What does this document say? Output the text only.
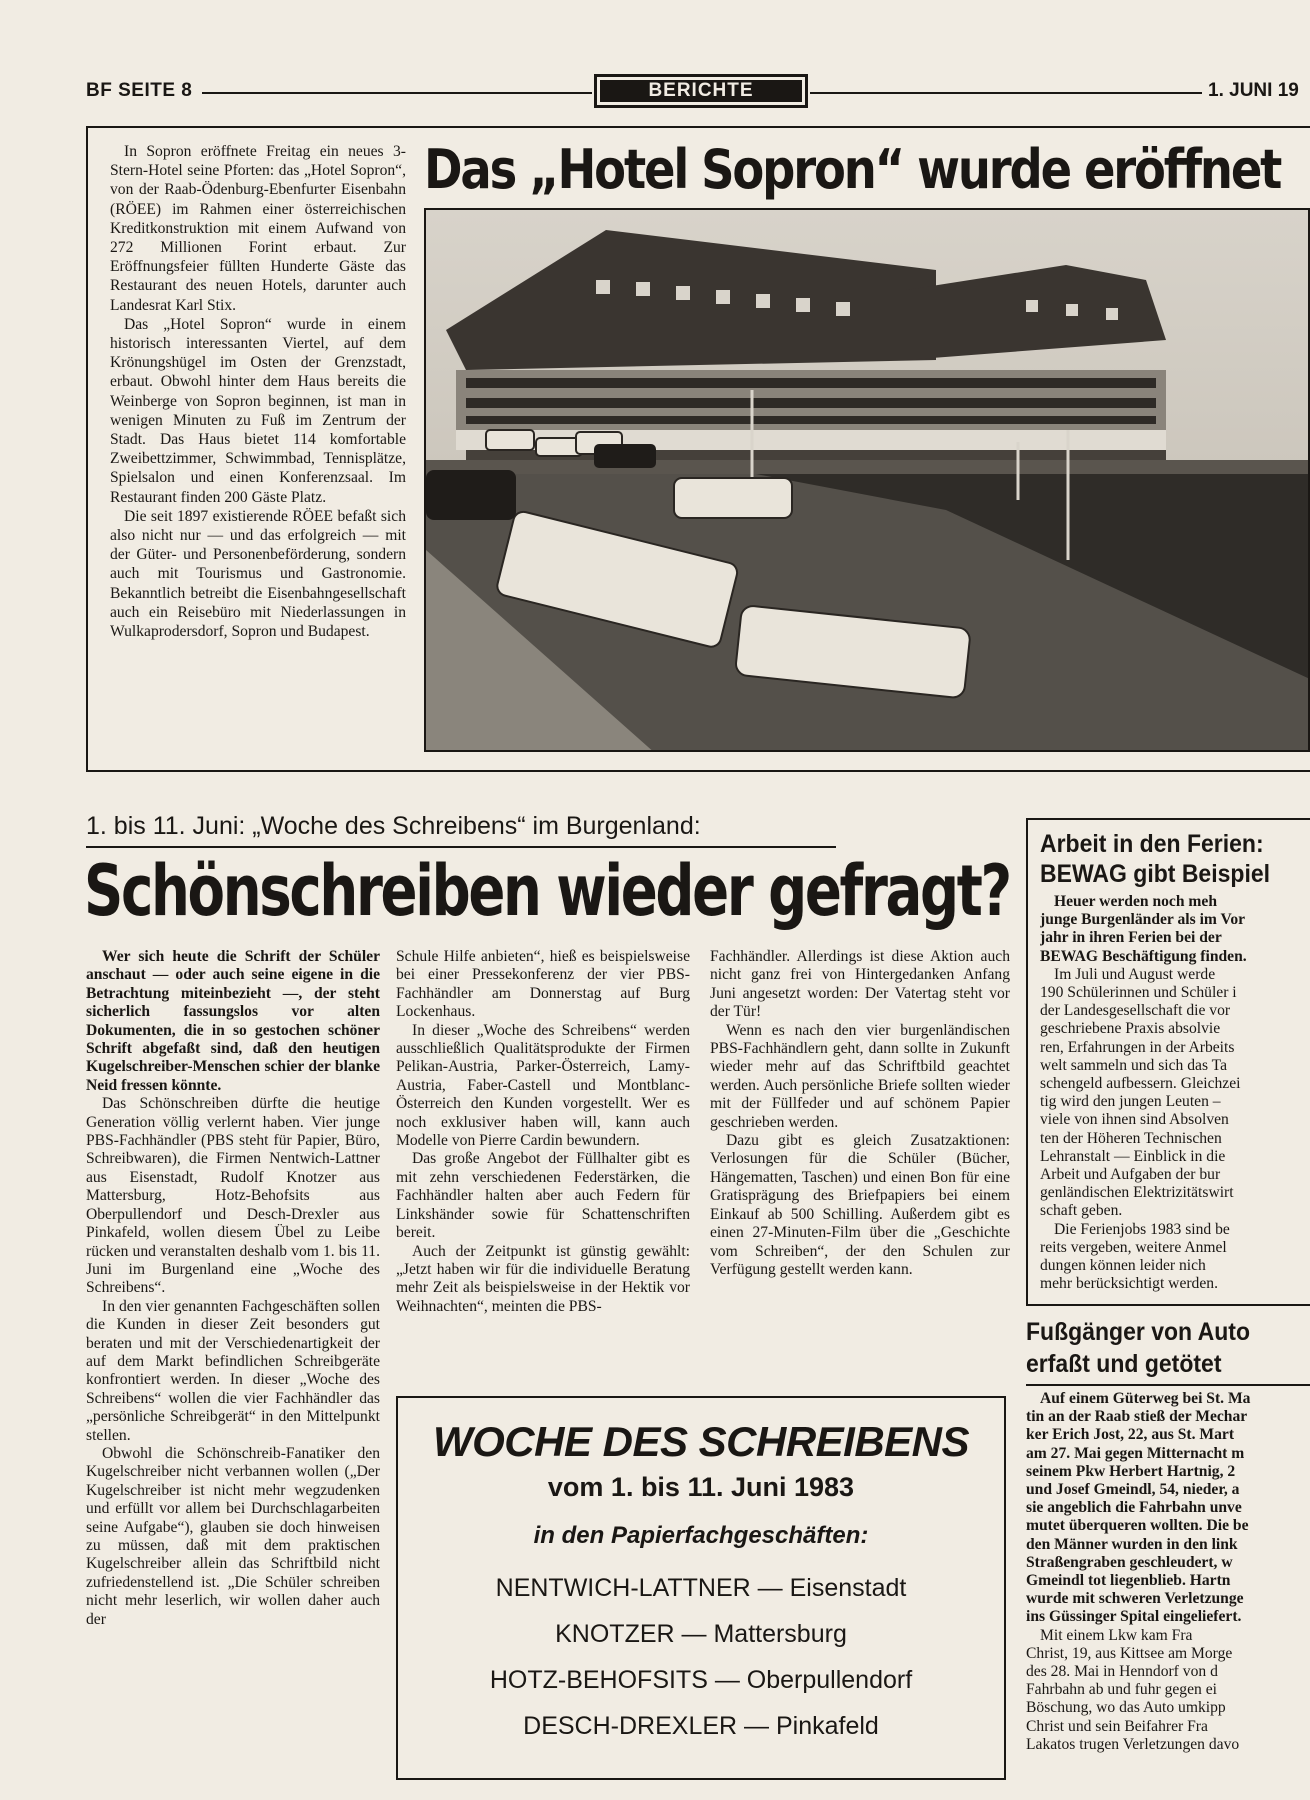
BF SEITE 8	BERICHTE	1. JUNI 19

In Sopron eröffnete Freitag ein neues 3-Stern-Hotel seine Pforten: das „Hotel Sopron“, von der Raab-Ödenburg-Ebenfurter Eisenbahn (RÖEE) im Rahmen einer österreichischen Kreditkonstruktion mit einem Aufwand von 272 Millionen Forint erbaut. Zur Eröffnungsfeier füllten Hunderte Gäste das Restaurant des neuen Hotels, darunter auch Landesrat Karl Stix.

Das „Hotel Sopron“ wurde in einem historisch interessanten Viertel, auf dem Krönungshügel im Osten der Grenzstadt, erbaut. Obwohl hinter dem Haus bereits die Weinberge von Sopron beginnen, ist man in wenigen Minuten zu Fuß im Zentrum der Stadt. Das Haus bietet 114 komfortable Zweibettzimmer, Schwimmbad, Tennisplätze, Spielsalon und einen Konferenzsaal. Im Restaurant finden 200 Gäste Platz.

Die seit 1897 existierende RÖEE befaßt sich also nicht nur — und das erfolgreich — mit der Güter- und Personenbeförderung, sondern auch mit Tourismus und Gastronomie. Bekanntlich betreibt die Eisenbahngesellschaft auch ein Reisebüro mit Niederlassungen in Wulkaprodersdorf, Sopron und Budapest.

Das „Hotel Sopron“ wurde eröffnet
1. bis 11. Juni: „Woche des Schreibens“ im Burgenland:
Schönschreiben wieder gefragt?

Wer sich heute die Schrift der Schüler anschaut — oder auch seine eigene in die Betrachtung miteinbezieht —, der steht sicherlich fassungslos vor alten Dokumenten, die in so gestochen schöner Schrift abgefaßt sind, daß den heutigen Kugelschreiber-Menschen schier der blanke Neid fressen könnte.

Das Schönschreiben dürfte die heutige Generation völlig verlernt haben. Vier junge PBS-Fachhändler (PBS steht für Papier, Büro, Schreibwaren), die Firmen Nentwich-Lattner aus Eisenstadt, Rudolf Knotzer aus Mattersburg, Hotz-Behofsits aus Oberpullendorf und Desch-Drexler aus Pinkafeld, wollen diesem Übel zu Leibe rücken und veranstalten deshalb vom 1. bis 11. Juni im Burgenland eine „Woche des Schreibens“.

In den vier genannten Fachgeschäften sollen die Kunden in dieser Zeit besonders gut beraten und mit der Verschiedenartigkeit der auf dem Markt befindlichen Schreibgeräte konfrontiert werden. In dieser „Woche des Schreibens“ wollen die vier Fachhändler das „persönliche Schreibgerät“ in den Mittelpunkt stellen.

Obwohl die Schönschreib-Fanatiker den Kugelschreiber nicht verbannen wollen („Der Kugelschreiber ist nicht mehr wegzudenken und erfüllt vor allem bei Durchschlagarbeiten seine Aufgabe“), glauben sie doch hinweisen zu müssen, daß mit dem praktischen Kugelschreiber allein das Schriftbild nicht zufriedenstellend ist. „Die Schüler schreiben nicht mehr leserlich, wir wollen daher auch der

Schule Hilfe anbieten“, hieß es beispielsweise bei einer Pressekonferenz der vier PBS-Fachhändler am Donnerstag auf Burg Lockenhaus.

In dieser „Woche des Schreibens“ werden ausschließlich Qualitätsprodukte der Firmen Pelikan-Austria, Parker-Österreich, Lamy-Austria, Faber-Castell und Montblanc-Österreich den Kunden vorgestellt. Wer es noch exklusiver haben will, kann auch Modelle von Pierre Cardin bewundern.

Das große Angebot der Füllhalter gibt es mit zehn verschiedenen Federstärken, die Fachhändler halten aber auch Federn für Linkshänder sowie für Schattenschriften bereit.

Auch der Zeitpunkt ist günstig gewählt: „Jetzt haben wir für die individuelle Beratung mehr Zeit als beispielsweise in der Hektik vor Weihnachten“, meinten die PBS-

Fachhändler. Allerdings ist diese Aktion auch nicht ganz frei von Hintergedanken Anfang Juni angesetzt worden: Der Vatertag steht vor der Tür!

Wenn es nach den vier burgenländischen PBS-Fachhändlern geht, dann sollte in Zukunft wieder mehr auf das Schriftbild geachtet werden. Auch persönliche Briefe sollten wieder mit der Füllfeder und auf schönem Papier geschrieben werden.

Dazu gibt es gleich Zusatzaktionen: Verlosungen für die Schüler (Bücher, Hängematten, Taschen) und einen Bon für eine Gratisprägung des Briefpapiers bei einem Einkauf ab 500 Schilling. Außerdem gibt es einen 27-Minuten-Film über die „Geschichte vom Schreiben“, der den Schulen zur Verfügung gestellt werden kann.

WOCHE DES SCHREIBENS
vom 1. bis 11. Juni 1983
in den Papierfachgeschäften:
NENTWICH-LATTNER — Eisenstadt
KNOTZER — Mattersburg
HOTZ-BEHOFSITS — Oberpullendorf
DESCH-DREXLER — Pinkafeld
Arbeit in den Ferien:
BEWAG gibt Beispiel
Heuer werden noch meh
junge Burgenländer als im Vor
jahr in ihren Ferien bei der
BEWAG Beschäftigung finden.
Im Juli und August werde
190 Schülerinnen und Schüler i
der Landesgesellschaft die vor
geschriebene Praxis absolvie
ren, Erfahrungen in der Arbeits
welt sammeln und sich das Ta
schengeld aufbessern. Gleichzei
tig wird den jungen Leuten –
viele von ihnen sind Absolven
ten der Höheren Technischen
Lehranstalt — Einblick in die
Arbeit und Aufgaben der bur
genländischen Elektrizitätswirt
schaft geben.
Die Ferienjobs 1983 sind be
reits vergeben, weitere Anmel
dungen können leider nich
mehr berücksichtigt werden.
Fußgänger von Auto
erfaßt und getötet
Auf einem Güterweg bei St. Ma
tin an der Raab stieß der Mechar
ker Erich Jost, 22, aus St. Mart
am 27. Mai gegen Mitternacht m
seinem Pkw Herbert Hartnig, 2
und Josef Gmeindl, 54, nieder, a
sie angeblich die Fahrbahn unve
mutet überqueren wollten. Die be
den Männer wurden in den link
Straßengraben geschleudert, w
Gmeindl tot liegenblieb. Hartn
wurde mit schweren Verletzunge
ins Güssinger Spital eingeliefert.
Mit einem Lkw kam Fra
Christ, 19, aus Kittsee am Morge
des 28. Mai in Henndorf von d
Fahrbahn ab und fuhr gegen ei
Böschung, wo das Auto umkipp
Christ und sein Beifahrer Fra
Lakatos trugen Verletzungen davo
